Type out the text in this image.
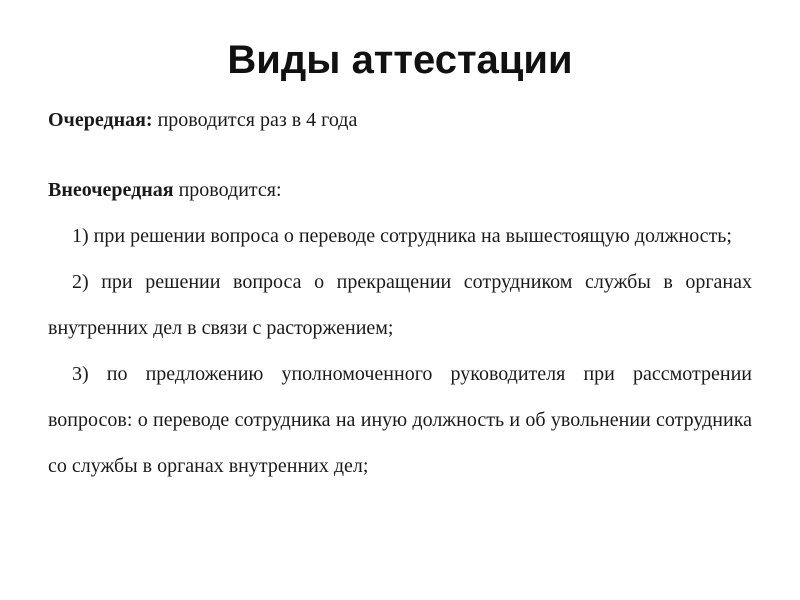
Виды аттестации

Очередная: проводится раз в 4 года

Внеочередная проводится:

1) при решении вопроса о переводе сотрудника на вышестоящую должность;

2) при решении вопроса о прекращении сотрудником службы в органах внутренних дел в связи с расторжением;

3) по предложению уполномоченного руководителя при рассмотрении вопросов: о переводе сотрудника на иную должность и об увольнении сотрудника со службы в органах внутренних дел;
